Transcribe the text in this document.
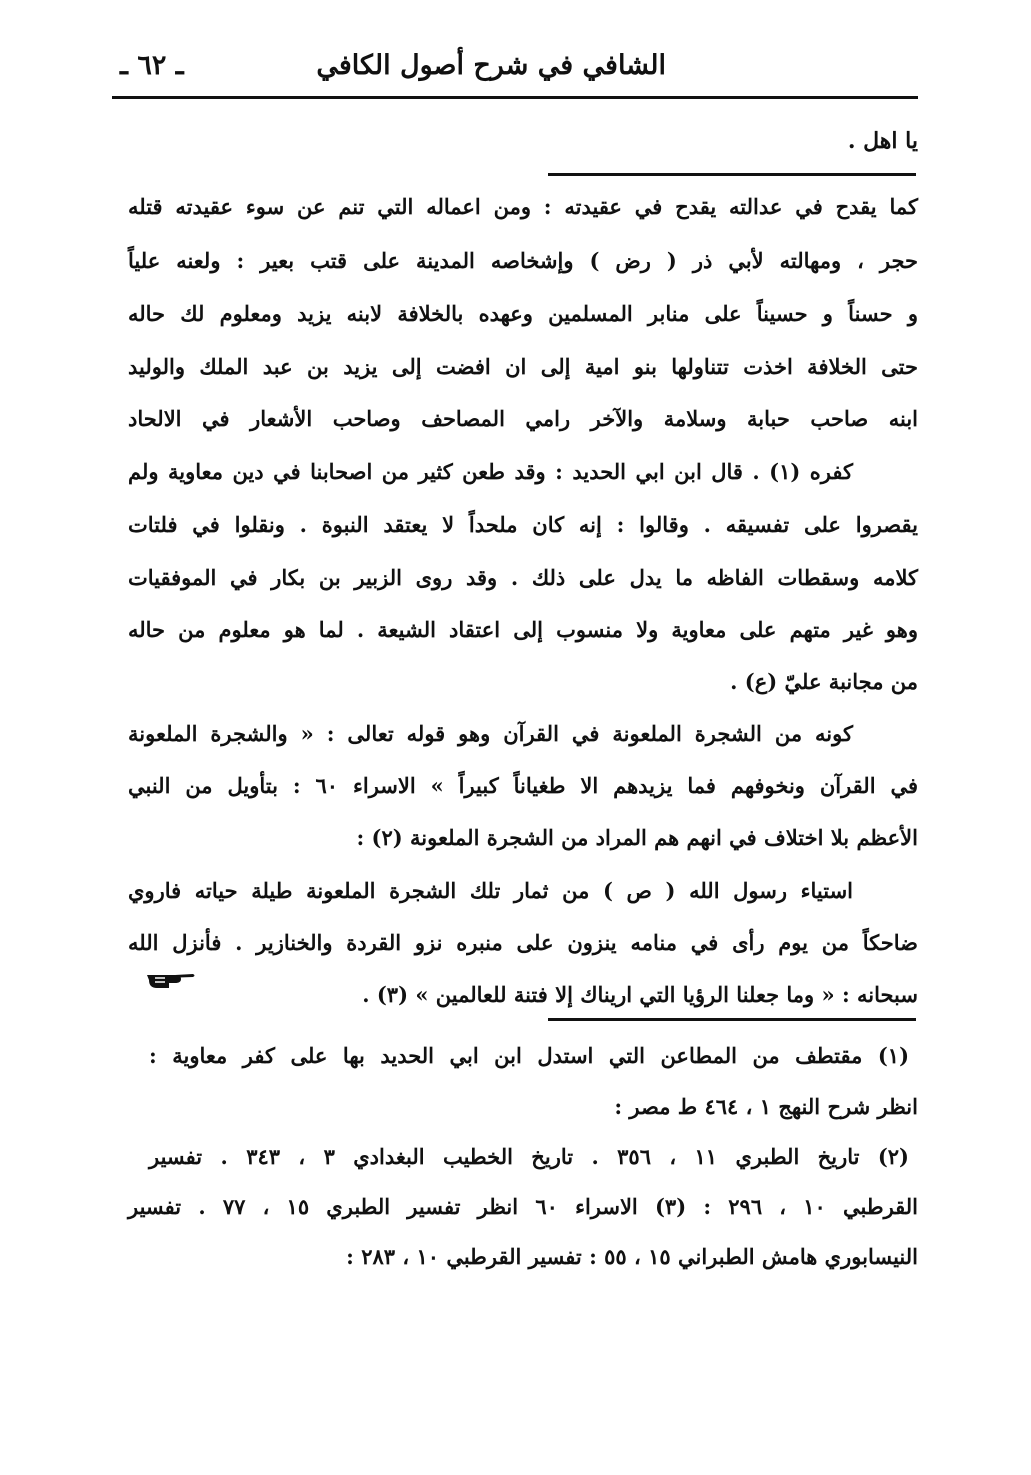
الشافي في شرح أصول الكافي
ـ ٦٢ ـ
يا اهل .
كما يقدح في عدالته يقدح في عقيدته : ومن اعماله التي تنم عن سوء عقيدته قتله
حجر ، ومهالته لأبي ذر ( رض ) وإشخاصه المدينة على قتب بعير : ولعنه علياً
و حسناً و حسيناً على منابر المسلمين وعهده بالخلافة لابنه يزيد ومعلوم لك حاله
حتى الخلافة اخذت تتناولها بنو امية إلى ان افضت إلى يزيد بن عبد الملك والوليد
ابنه صاحب حبابة وسلامة والآخر رامي المصاحف وصاحب الأشعار في الالحاد
كفره (١) . قال ابن ابي الحديد : وقد طعن كثير من اصحابنا في دين معاوية ولم
يقصروا على تفسيقه . وقالوا : إنه كان ملحداً لا يعتقد النبوة . ونقلوا في فلتات
كلامه وسقطات الفاظه ما يدل على ذلك . وقد روى الزبير بن بكار في الموفقيات
وهو غير متهم على معاوية ولا منسوب إلى اعتقاد الشيعة . لما هو معلوم من حاله
من مجانبة عليّ (ع) .
كونه من الشجرة الملعونة في القرآن وهو قوله تعالى : « والشجرة الملعونة
في القرآن ونخوفهم فما يزيدهم الا طغياناً كبيراً » الاسراء ٦٠ : بتأويل من النبي
الأعظم بلا اختلاف في انهم هم المراد من الشجرة الملعونة (٢) :
استياء رسول الله ( ص ) من ثمار تلك الشجرة الملعونة طيلة حياته فاروي
ضاحكاً من يوم رأى في منامه ينزون على منبره نزو القردة والخنازير . فأنزل الله
سبحانه : « وما جعلنا الرؤيا التي اريناك إلا فتنة للعالمين » (٣) .
(١) مقتطف من المطاعن التي استدل ابن ابي الحديد بها على كفر معاوية :
انظر شرح النهج ١ ، ٤٦٤ ط مصر :
(٢) تاريخ الطبري ١١ ، ٣٥٦ . تاريخ الخطيب البغدادي ٣ ، ٣٤٣ . تفسير
القرطبي ١٠ ، ٢٩٦ : (٣) الاسراء ٦٠ انظر تفسير الطبري ١٥ ، ٧٧ . تفسير
النيسابوري هامش الطبراني ١٥ ، ٥٥ : تفسير القرطبي ١٠ ، ٢٨٣ :
